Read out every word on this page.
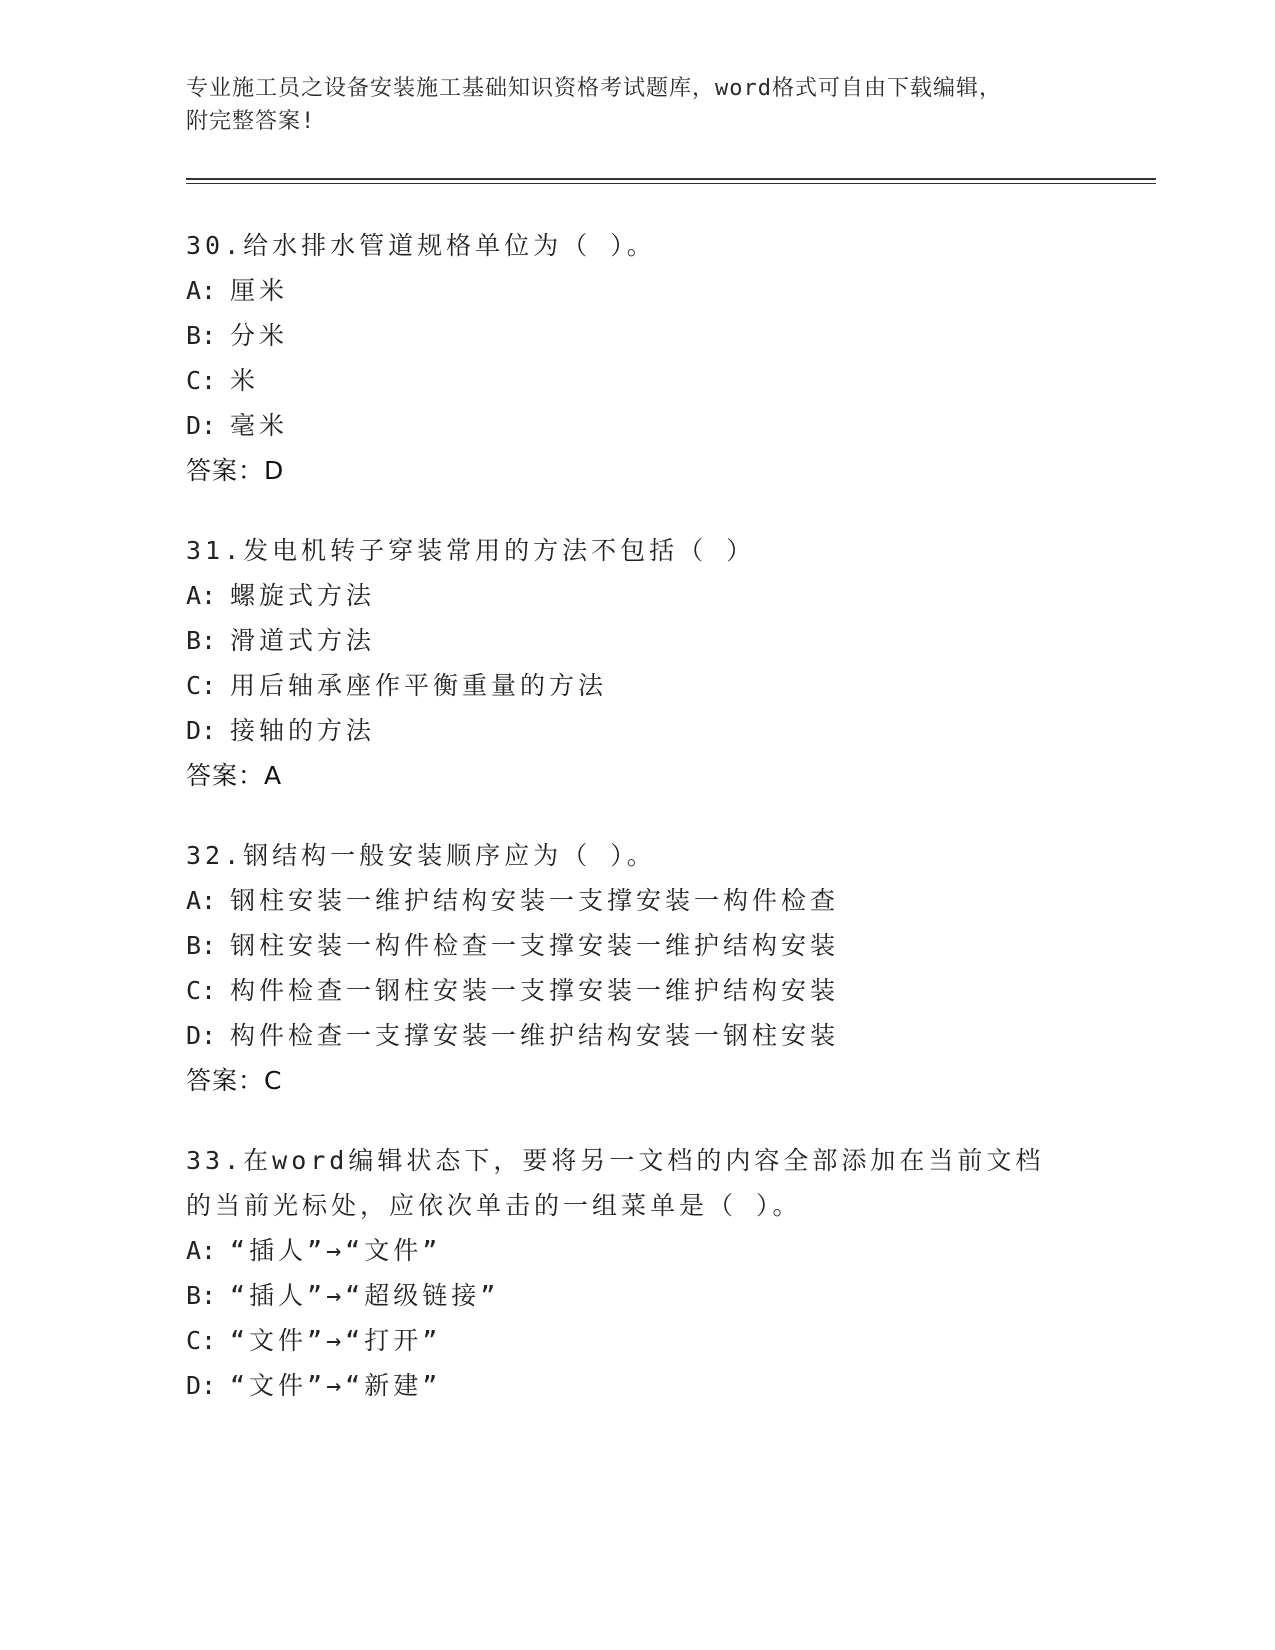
专业施工员之设备安装施工基础知识资格考试题库，word格式可自由下载编辑，
附完整答案!
30.给水排水管道规格单位为（ ）。
A: 厘米
B: 分米
C: 米
D: 毫米
答案：D
31.发电机转子穿装常用的方法不包括（ ）
A: 螺旋式方法
B: 滑道式方法
C: 用后轴承座作平衡重量的方法
D: 接轴的方法
答案：A
32.钢结构一般安装顺序应为（ ）。
A: 钢柱安装一维护结构安装一支撑安装一构件检查
B: 钢柱安装一构件检查一支撑安装一维护结构安装
C: 构件检查一钢柱安装一支撑安装一维护结构安装
D: 构件检查一支撑安装一维护结构安装一钢柱安装
答案：C
33.在word编辑状态下，要将另一文档的内容全部添加在当前文档的当前光标处，应依次单击的一组菜单是（ ）。
A: “插人”→“文件”
B: “插人”→“超级链接”
C: “文件”→“打开”
D: “文件”→“新建”
